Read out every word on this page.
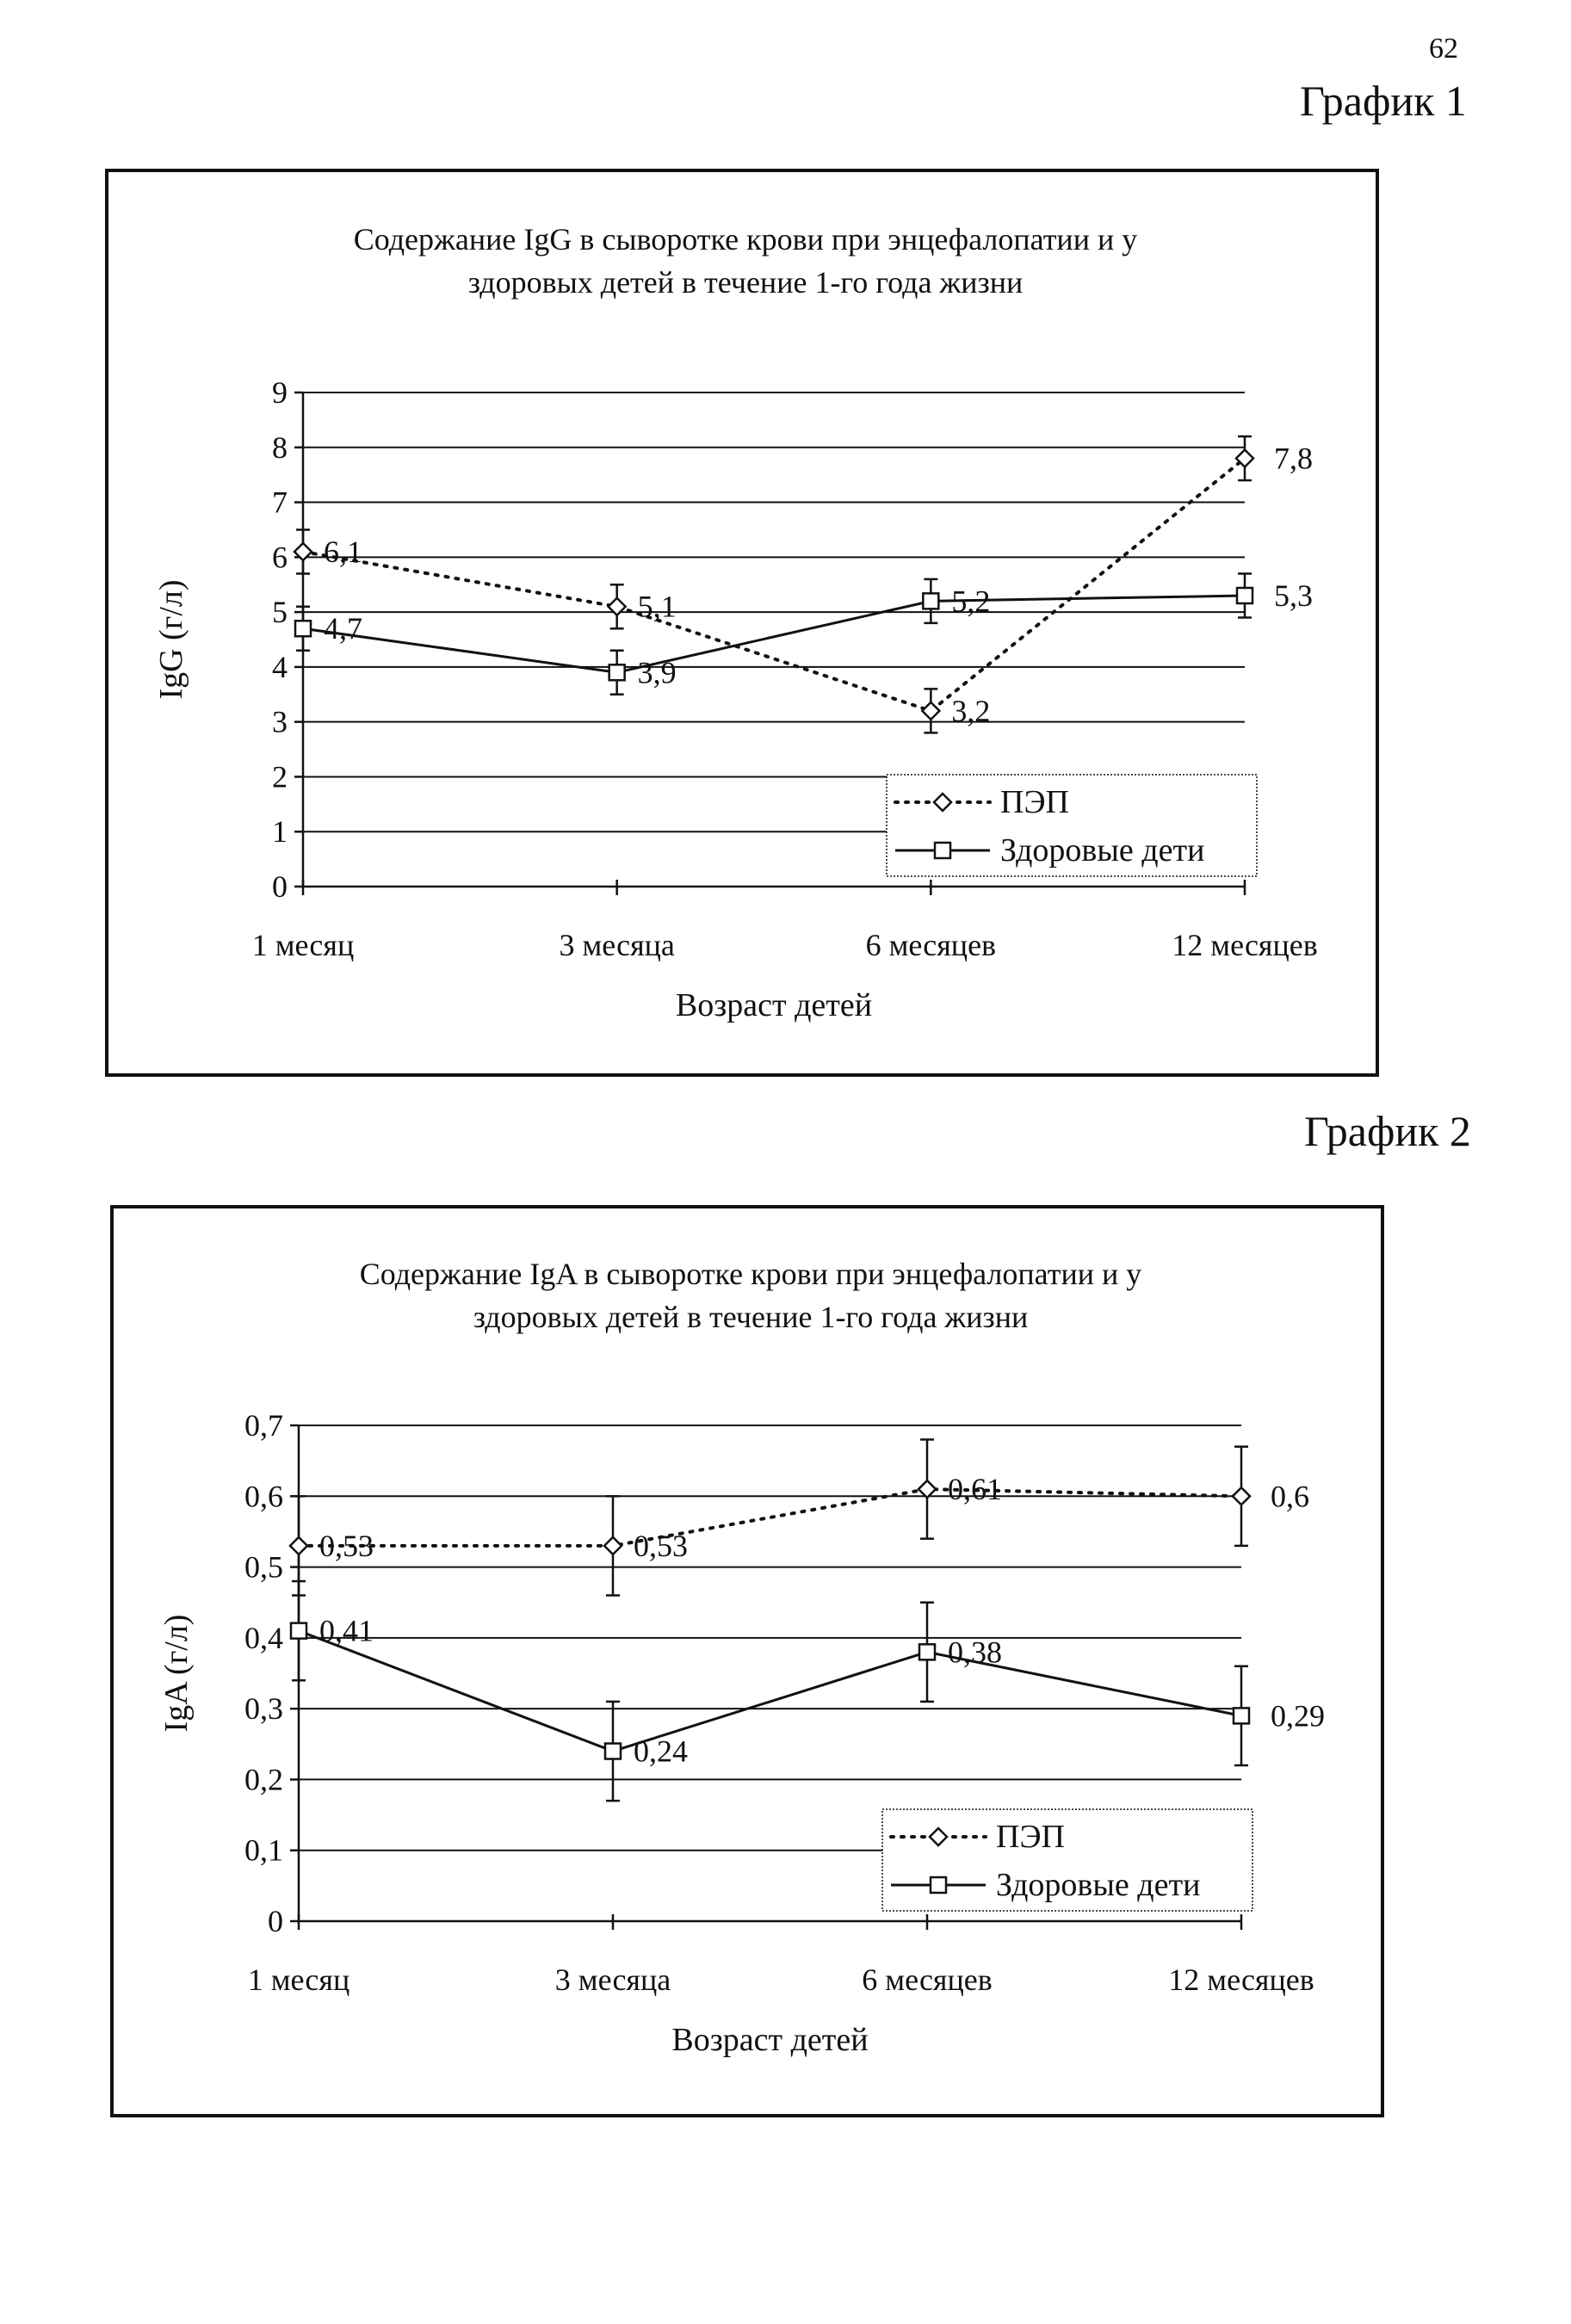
62
График 1
График 2
Содержание IgG в сыворотке крови при энцефалопатии и у
здоровых детей в течение 1-го года жизни
0
1
2
3
4
5
6
7
8
9
1 месяц	3 месяца	6 месяцев	12 месяцев
Возраст детей
IgG (г/л)
6,1
5,1
3,2
7,8
4,7
3,9
5,2	5,3
ПЭП
Здоровые дети
Содержание IgA в сыворотке крови при энцефалопатии и у
здоровых детей в течение 1-го года жизни
0
0,1
0,2
0,3
0,4
0,5
0,6
0,7
1 месяц	3 месяца	6 месяцев	12 месяцев
Возраст детей
IgA (г/л)
0,53	0,53
0,61	0,6
0,41
0,24
0,38
0,29
ПЭП
Здоровые дети
